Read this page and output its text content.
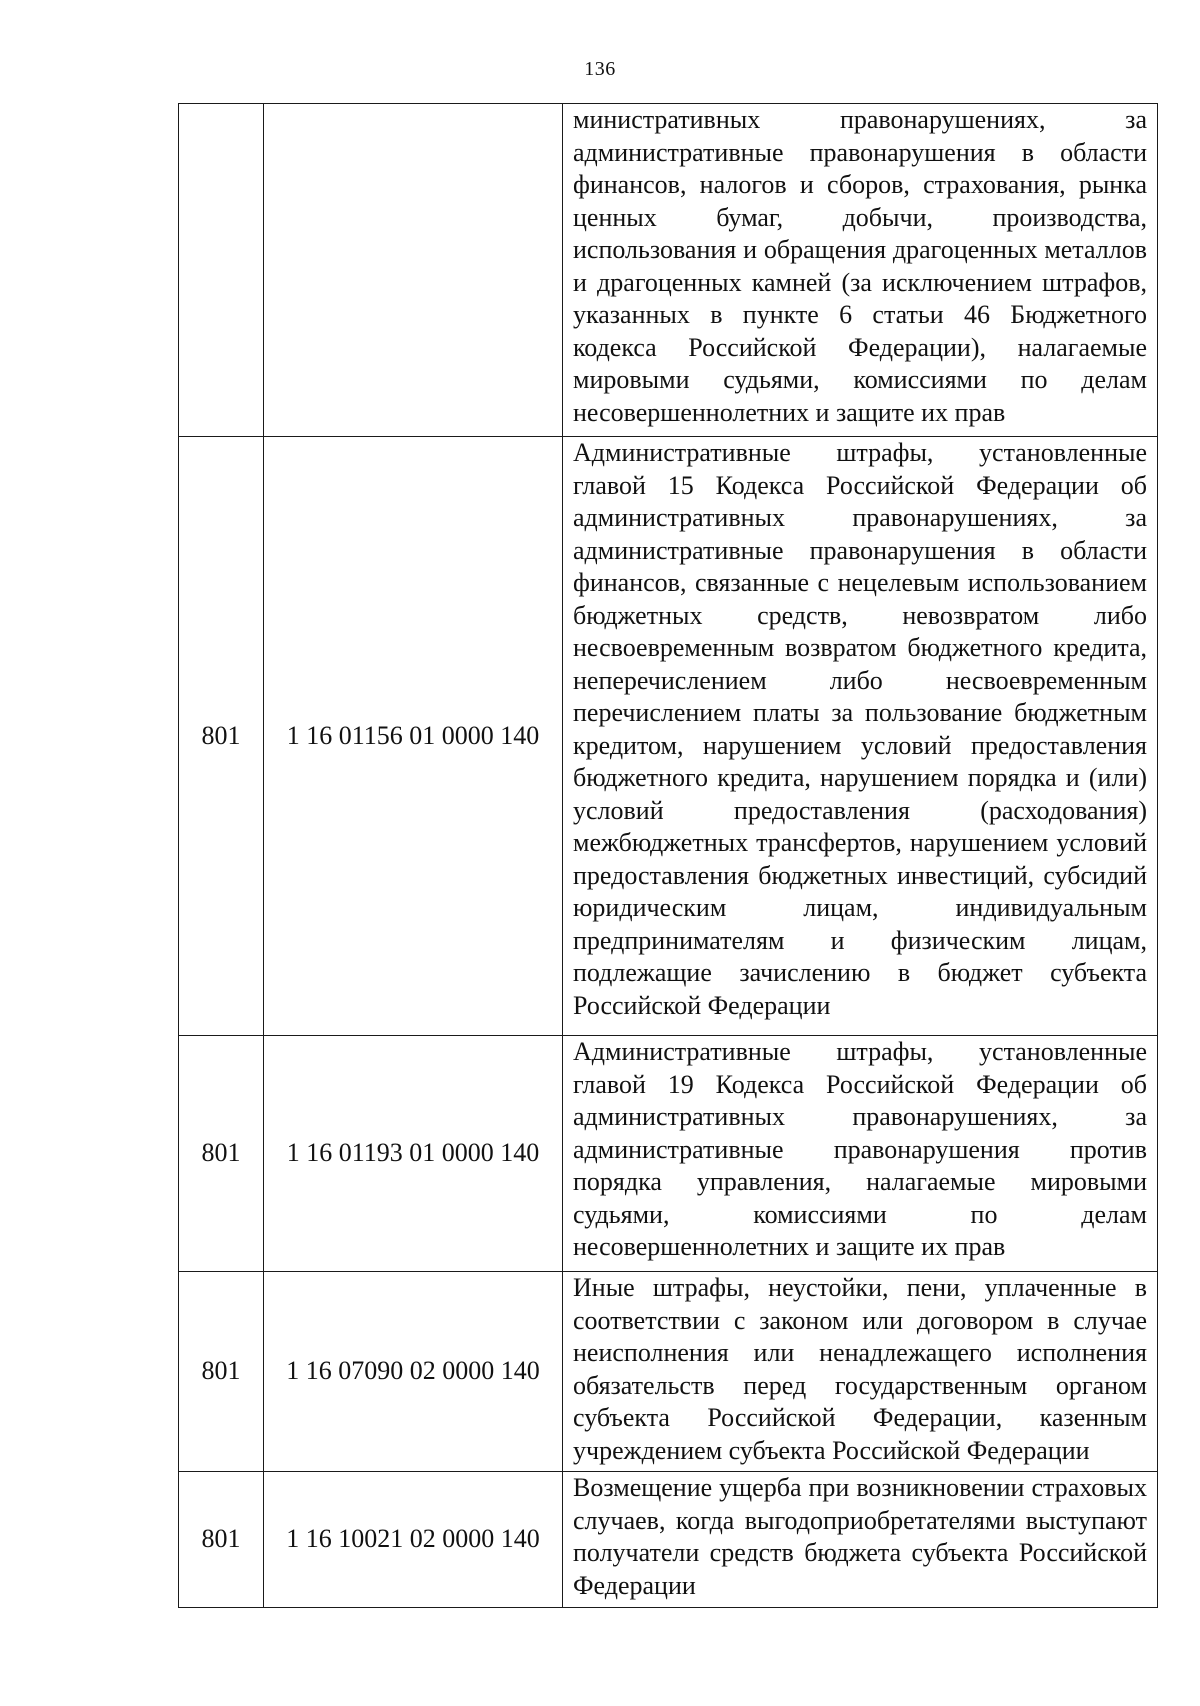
136
		министративных правонарушениях, за административные правонарушения в области финансов, налогов и сборов, страхования, рынка ценных бумаг, добычи, производства, использования и обращения драгоценных металлов и драгоценных камней (за исключением штрафов, указанных в пункте 6 статьи 46 Бюджетного кодекса Российской Федерации), налагаемые мировыми судьями, комиссиями по делам несовершеннолетних и защите их прав
801	1 16 01156 01 0000 140	Административные штрафы, установленные главой 15 Кодекса Российской Федерации об административных правонарушениях, за административные правонарушения в области финансов, связанные с нецелевым использованием бюджетных средств, невозвратом либо несвоевременным возвратом бюджетного кредита, неперечислением либо несвоевременным перечислением платы за пользование бюджетным кредитом, нарушением условий предоставления бюджетного кредита, нарушением порядка и (или) условий предоставления (расходования) межбюджетных трансфертов, нарушением условий предоставления бюджетных инвестиций, субсидий юридическим лицам, индивидуальным предпринимателям и физическим лицам, подлежащие зачислению в бюджет субъекта Российской Федерации
801	1 16 01193 01 0000 140	Административные штрафы, установленные главой 19 Кодекса Российской Федерации об административных правонарушениях, за административные правонарушения против порядка управления, налагаемые мировыми судьями, комиссиями по делам несовершеннолетних и защите их прав
801	1 16 07090 02 0000 140	Иные штрафы, неустойки, пени, уплаченные в соответствии с законом или договором в случае неисполнения или ненадлежащего исполнения обязательств перед государственным органом субъекта Российской Федерации, казенным учреждением субъекта Российской Федерации
801	1 16 10021 02 0000 140	Возмещение ущерба при возникновении страховых случаев, когда выгодоприобретателями выступают получатели средств бюджета субъекта Российской Федерации
